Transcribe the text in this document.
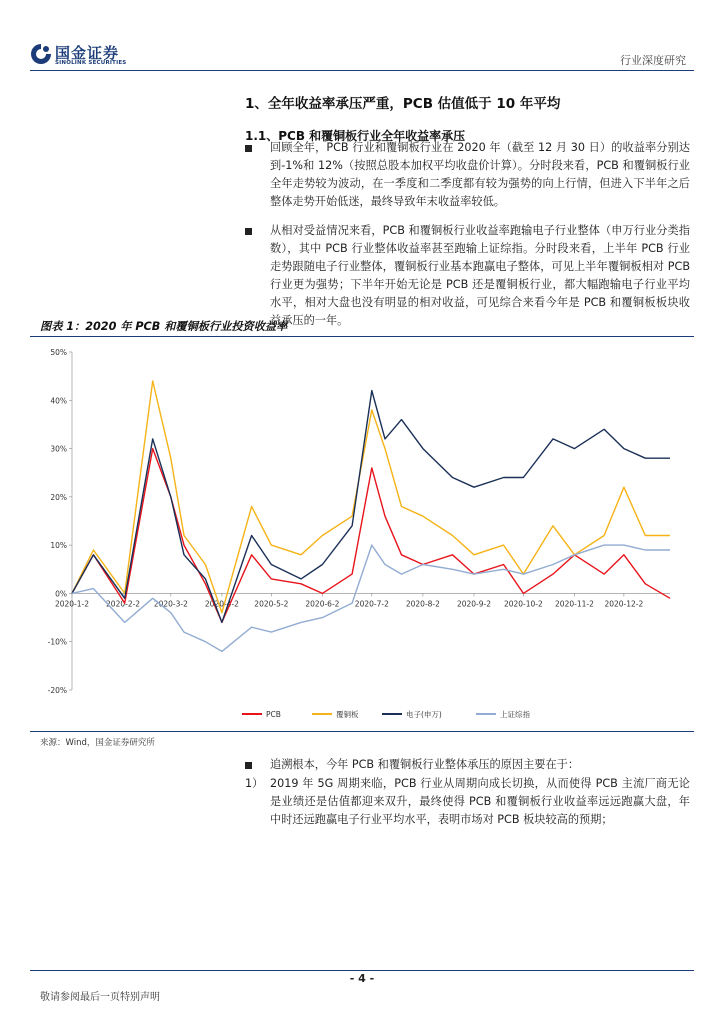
国金证券
SINOLINK SECURITIES	行业深度研究
1、全年收益率承压严重，PCB 估值低于 10 年平均
1.1、PCB 和覆铜板行业全年收益率承压
回顾全年，PCB 行业和覆铜板行业在 2020 年（截至 12 月 30 日）的收益率分别达到-1%和 12%（按照总股本加权平均收盘价计算）。分时段来看，PCB 和覆铜板行业全年走势较为波动，在一季度和二季度都有较为强势的向上行情，但进入下半年之后整体走势开始低迷，最终导致年末收益率较低。
从相对受益情况来看，PCB 和覆铜板行业收益率跑输电子行业整体（申万行业分类指数），其中 PCB 行业整体收益率甚至跑输上证综指。分时段来看，上半年 PCB 行业走势跟随电子行业整体，覆铜板行业基本跑赢电子整体，可见上半年覆铜板相对 PCB 行业更为强势；下半年开始无论是 PCB 还是覆铜板行业，都大幅跑输电子行业平均水平，相对大盘也没有明显的相对收益，可见综合来看今年是 PCB 和覆铜板板块收益承压的一年。
图表 1：2020 年 PCB 和覆铜板行业投资收益率
50%
40%
30%
20%
10%
0%
-10%
-20%
2020-1-2 2020-2-2 2020-3-2 2020-4-2 2020-5-2 2020-6-2 2020-7-2 2020-8-2 2020-9-2 2020-10-2 2020-11-2 2020-12-2
PCB	覆铜板	电子(申万)	上证综指
来源：Wind，国金证券研究所
追溯根本，今年 PCB 和覆铜板行业整体承压的原因主要在于：
1） 2019 年 5G 周期来临，PCB 行业从周期向成长切换，从而使得 PCB 主流厂商无论是业绩还是估值都迎来双升，最终使得 PCB 和覆铜板行业收益率远远跑赢大盘，年中时还远跑赢电子行业平均水平，表明市场对 PCB 板块较高的预期；
- 4 -
敬请参阅最后一页特别声明
